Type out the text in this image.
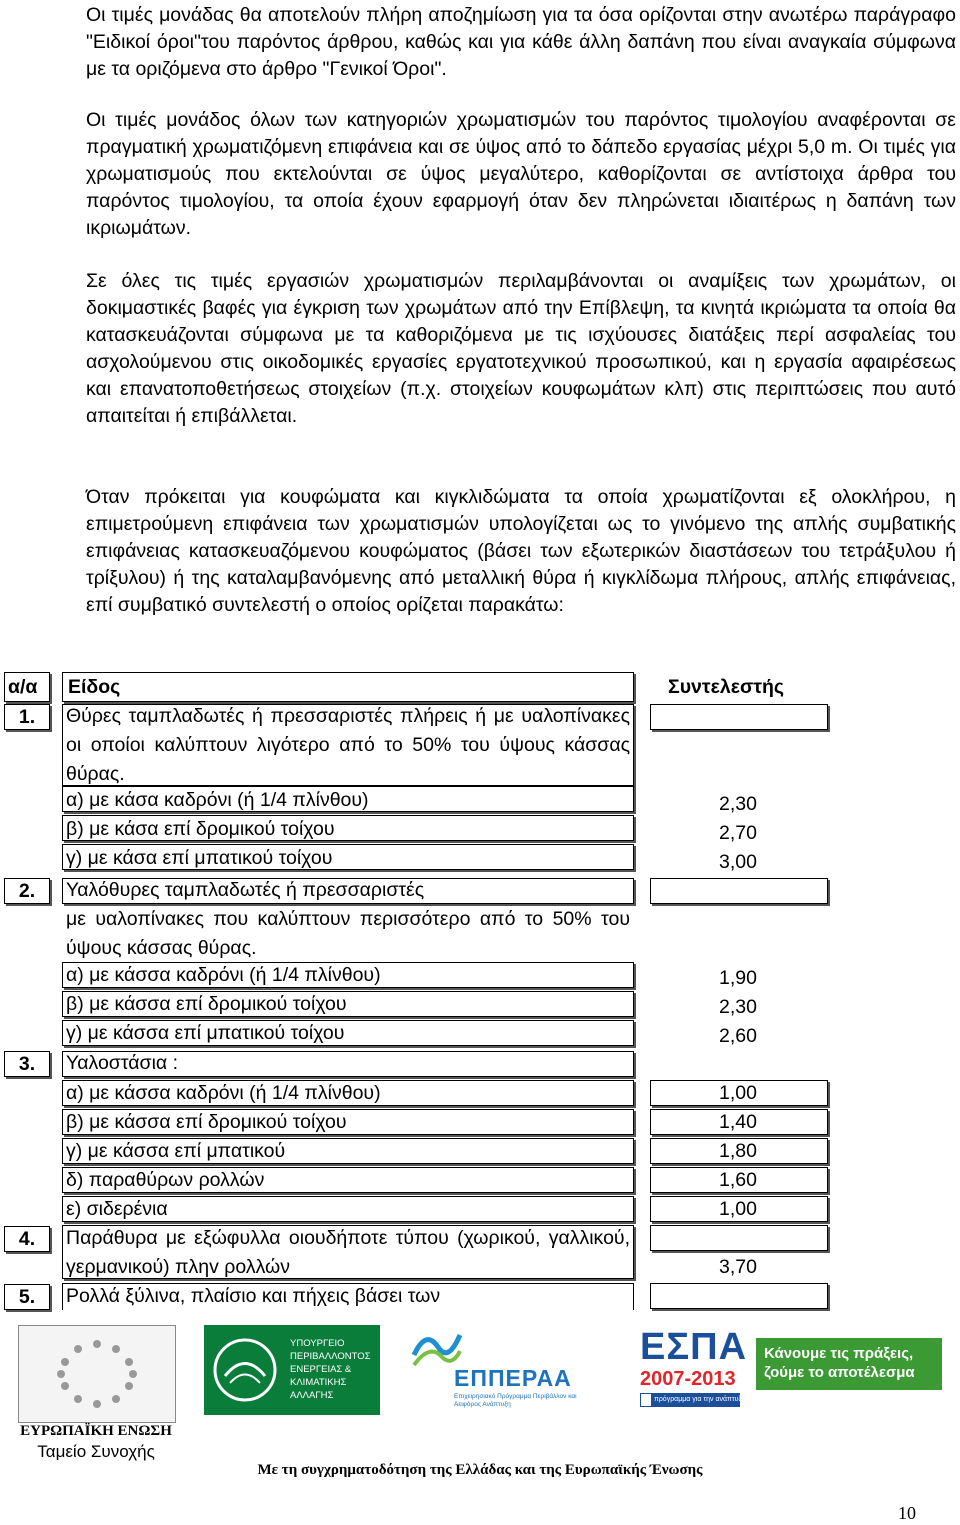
Οι τιμές μονάδας θα αποτελούν πλήρη αποζημίωση για τα όσα ορίζονται στην ανωτέρω παράγραφο "Ειδικοί όροι"του παρόντος άρθρου, καθώς και για κάθε άλλη δαπάνη που είναι αναγκαία σύμφωνα με τα οριζόμενα στο άρθρο "Γενικοί Όροι".

Οι τιμές μονάδος όλων των κατηγοριών χρωματισμών του παρόντος τιμολογίου αναφέρονται σε πραγματική χρωματιζόμενη επιφάνεια και σε ύψος από το δάπεδο εργασίας μέχρι 5,0 m. Οι τιμές για χρωματισμούς που εκτελούνται σε ύψος μεγαλύτερο, καθορίζονται σε αντίστοιχα άρθρα του παρόντος τιμολογίου, τα οποία έχουν εφαρμογή όταν δεν πληρώνεται ιδιαιτέρως η δαπάνη των ικριωμάτων.

Σε όλες τις τιμές εργασιών χρωματισμών περιλαμβάνονται οι αναμίξεις των χρωμάτων, οι δοκιμαστικές βαφές για έγκριση των χρωμάτων από την Επίβλεψη, τα κινητά ικριώματα τα οποία θα κατασκευάζονται σύμφωνα με τα καθοριζόμενα με τις ισχύουσες διατάξεις περί ασφαλείας του ασχολούμενου στις οικοδομικές εργασίες εργατοτεχνικού προσωπικού, και η εργασία αφαιρέσεως και επανατοποθετήσεως στοιχείων (π.χ. στοιχείων κουφωμάτων κλπ) στις περιπτώσεις που αυτό απαιτείται ή επιβάλλεται.

Όταν πρόκειται για κουφώματα και κιγκλιδώματα τα οποία χρωματίζονται εξ ολοκλήρου, η επιμετρούμενη επιφάνεια των χρωματισμών υπολογίζεται ως το γινόμενο της απλής συμβατικής επιφάνειας κατασκευαζόμενου κουφώματος (βάσει των εξωτερικών διαστάσεων του τετράξυλου ή τρίξυλου) ή της καταλαμβανόμενης από μεταλλική θύρα ή κιγκλίδωμα πλήρους, απλής επιφάνειας, επί συμβατικό συντελεστή ο οποίος ορίζεται παρακάτω:

α/α Είδος	Συντελεστής
1.	Θύρες ταμπλαδωτές ή πρεσσαριστές πλήρεις ή με υαλοπίνακες οι οποίοι καλύπτουν λιγότερο από το 50% του ύψους κάσσας θύρας.
α) με κάσα καδρόνι (ή 1/4 πλίνθου)	2,30
β) με κάσα επί δρομικού τοίχου	2,70
γ) με κάσα επί μπατικού τοίχου	3,00
2.	Υαλόθυρες ταμπλαδωτές ή πρεσσαριστές
με υαλοπίνακες που καλύπτουν περισσότερο από το 50% του ύψους κάσσας θύρας.
α) με κάσσα καδρόνι (ή 1/4 πλίνθου)	1,90
β) με κάσσα επί δρομικού τοίχου	2,30
γ) με κάσσα επί μπατικού τοίχου	2,60
3.	Υαλοστάσια :
α) με κάσσα καδρόνι (ή 1/4 πλίνθου)	1,00
β) με κάσσα επί δρομικού τοίχου	1,40
γ) με κάσσα επί μπατικού	1,80
δ) παραθύρων ρολλών	1,60
ε) σιδερένια	1,00
4.	Παράθυρα με εξώφυλλα οιουδήποτε τύπου (χωρικού, γαλλικού, γερμανικού) πληv ρολλών	3,70
5.	Ρολλά ξύλινα, πλαίσιο και πήχεις βάσει των
ΕΥΡΩΠΑΪΚΗ ΕΝΩΣΗ
Ταμείο Συνοχής
ΥΠΟΥΡΓΕΙΟ ΠΕΡΙΒΑΛΛΟΝΤΟΣ ΕΝΕΡΓΕΙΑΣ & ΚΛΙΜΑΤΙΚΗΣ ΑΛΛΑΓΗΣ
ΕΠΠΕΡΑΑ
Επιχειρησιακό Πρόγραμμα Περιβάλλον και Αειφόρος Ανάπτυξη
ΕΣΠΑ
2007-2013
πρόγραμμα για την ανάπτυξη
Κάνουμε τις πράξεις, ζούμε το αποτέλεσμα
Με τη συγχρηματοδότηση της Ελλάδας και της Ευρωπαϊκής Ένωσης
10
